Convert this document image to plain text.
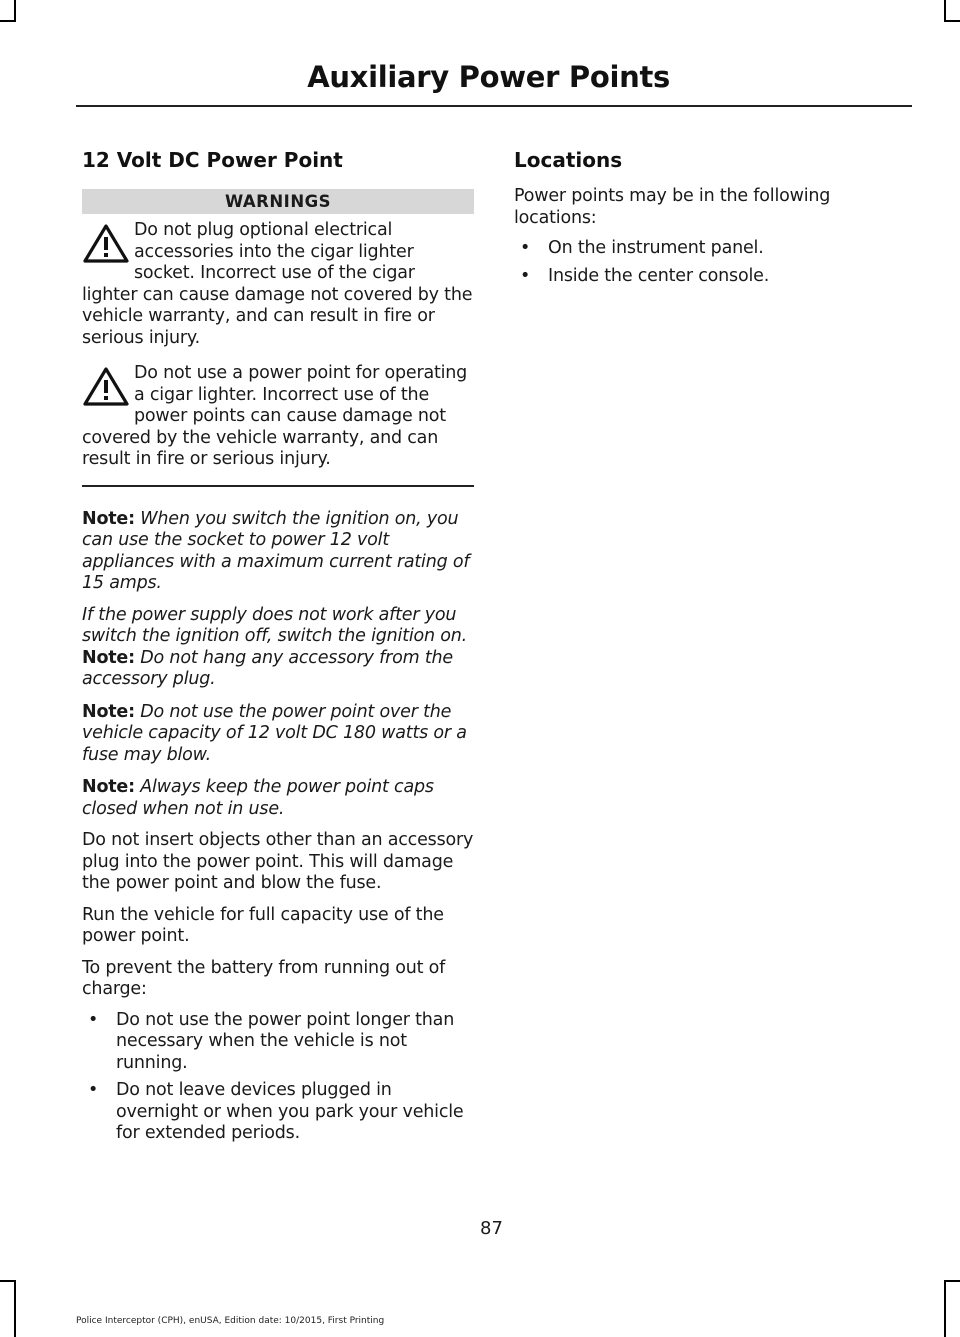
Auxiliary Power Points
12 Volt DC Power Point
WARNINGS

Do not plug optional electrical accessories into the cigar lighter socket. Incorrect use of the cigar lighter can cause damage not covered by the vehicle warranty, and can result in fire or serious injury.

Do not use a power point for operating a cigar lighter. Incorrect use of the power points can cause damage not covered by the vehicle warranty, and can result in fire or serious injury.

Note: When you switch the ignition on, you can use the socket to power 12 volt appliances with a maximum current rating of 15 amps.

If the power supply does not work after you switch the ignition off, switch the ignition on.

Note: Do not hang any accessory from the accessory plug.

Note: Do not use the power point over the vehicle capacity of 12 volt DC 180 watts or a fuse may blow.

Note: Always keep the power point caps closed when not in use.

Do not insert objects other than an accessory plug into the power point. This will damage the power point and blow the fuse.

Run the vehicle for full capacity use of the power point.

To prevent the battery from running out of charge:

• Do not use the power point longer than necessary when the vehicle is not running.
• Do not leave devices plugged in overnight or when you park your vehicle for extended periods.
Locations

Power points may be in the following locations:

• On the instrument panel.
• Inside the center console.
87
Police Interceptor (CPH), enUSA, Edition date: 10/2015, First Printing
